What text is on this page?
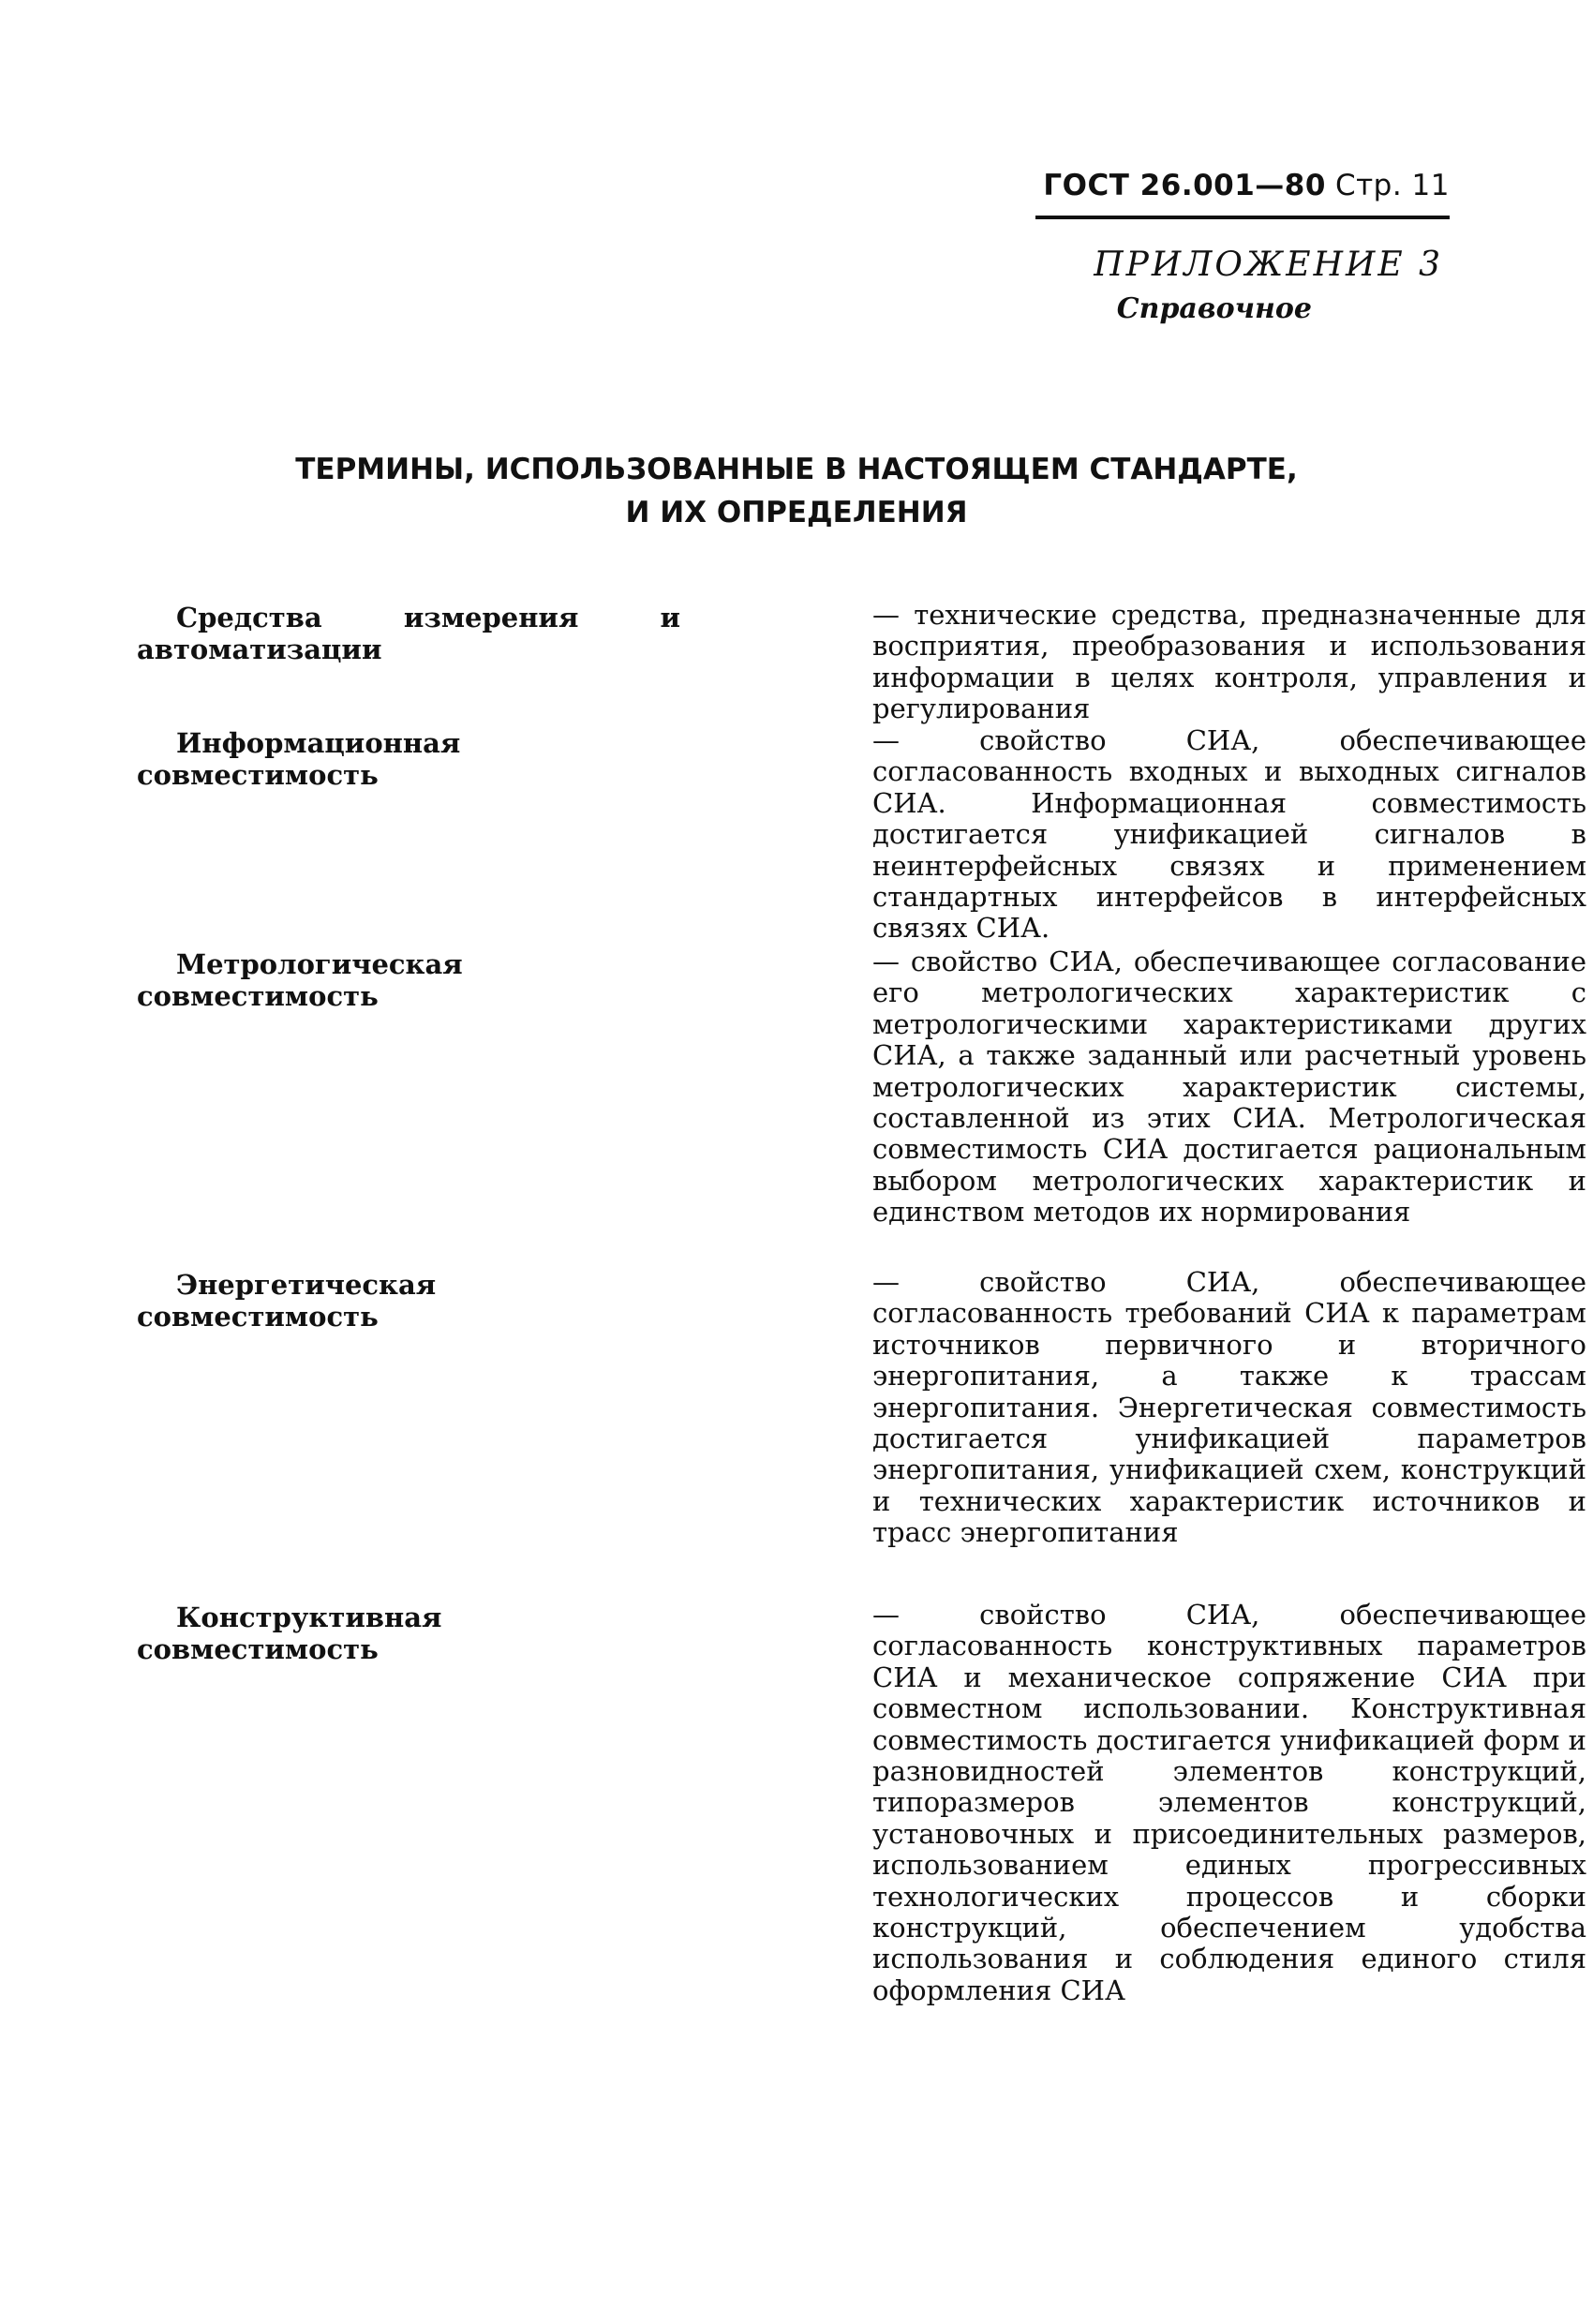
ГОСТ 26.001—80 Стр. 11
ПРИЛОЖЕНИЕ 3
Справочное
ТЕРМИНЫ, ИСПОЛЬЗОВАННЫЕ В НАСТОЯЩЕМ СТАНДАРТЕ,
И ИХ ОПРЕДЕЛЕНИЯ
Средства измерения и автоматизации
— технические средства, предназначенные для восприятия, преобразования и использования информации в целях контроля, управления и регулирования
Информационная совместимость
— свойство СИА, обеспечивающее согласованность входных и выходных сигналов СИА. Информационная совместимость достигается унификацией сигналов в неинтерфейсных связях и применением стандартных интерфейсов в интерфейсных связях СИА.
Метрологическая совместимость
— свойство СИА, обеспечивающее согласование его метрологических характеристик с метрологическими характеристиками других СИА, а также заданный или расчетный уровень метрологических характеристик системы, составленной из этих СИА. Метрологическая совместимость СИА достигается рациональным выбором метрологических характеристик и единством методов их нормирования
Энергетическая совместимость
— свойство СИА, обеспечивающее согласованность требований СИА к параметрам источников первичного и вторичного энергопитания, а также к трассам энергопитания. Энергетическая совместимость достигается унификацией параметров энергопитания, унификацией схем, конструкций и технических характеристик источников и трасс энергопитания
Конструктивная совместимость
— свойство СИА, обеспечивающее согласованность конструктивных параметров СИА и механическое сопряжение СИА при совместном использовании. Конструктивная совместимость достигается унификацией форм и разновидностей элементов конструкций, типоразмеров элементов конструкций, установочных и присоединительных размеров, использованием единых прогрессивных технологических процессов и сборки конструкций, обеспечением удобства использования и соблюдения единого стиля оформления СИА
